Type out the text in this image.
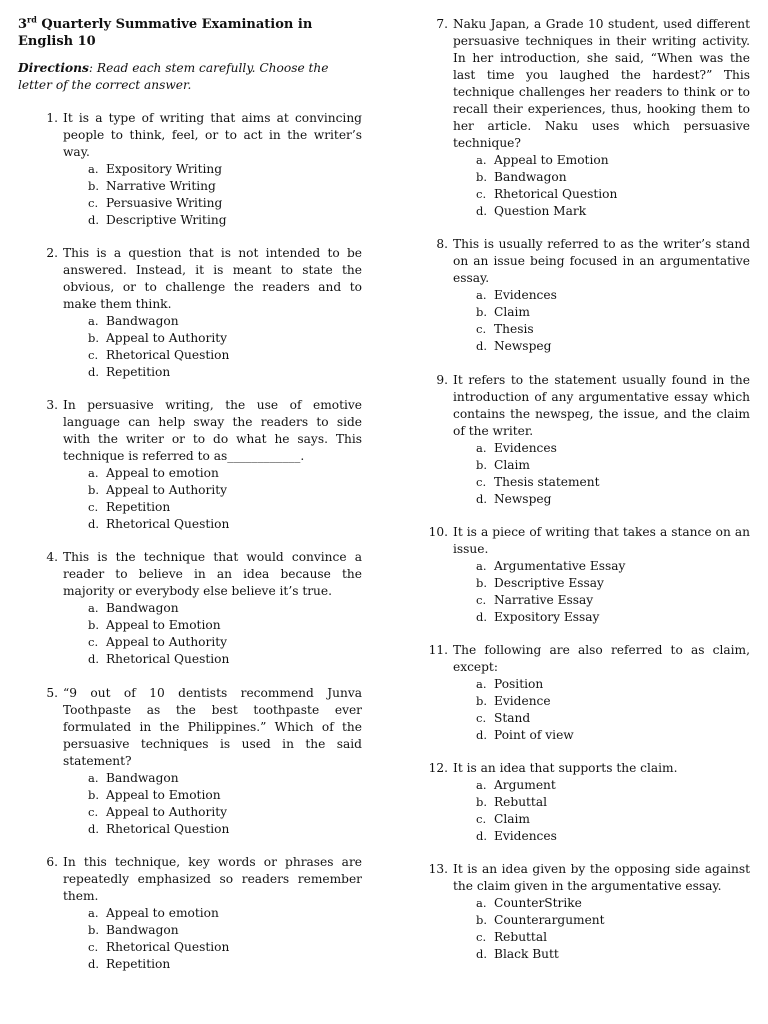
3rd Quarterly Summative Examination in English 10
Directions: Read each stem carefully. Choose the letter of the correct answer.
1. It is a type of writing that aims at convincing people to think, feel, or to act in the writer’s way.
a. Expository Writing
b. Narrative Writing
c. Persuasive Writing
d. Descriptive Writing
2. This is a question that is not intended to be answered. Instead, it is meant to state the obvious, or to challenge the readers and to make them think.
a. Bandwagon
b. Appeal to Authority
c. Rhetorical Question
d. Repetition
3. In persuasive writing, the use of emotive language can help sway the readers to side with the writer or to do what he says. This technique is referred to as____________.
a. Appeal to emotion
b. Appeal to Authority
c. Repetition
d. Rhetorical Question
4. This is the technique that would convince a reader to believe in an idea because the majority or everybody else believe it’s true.
a. Bandwagon
b. Appeal to Emotion
c. Appeal to Authority
d. Rhetorical Question
5. “9 out of 10 dentists recommend Junva Toothpaste as the best toothpaste ever formulated in the Philippines.” Which of the persuasive techniques is used in the said statement?
a. Bandwagon
b. Appeal to Emotion
c. Appeal to Authority
d. Rhetorical Question
6. In this technique, key words or phrases are repeatedly emphasized so readers remember them.
a. Appeal to emotion
b. Bandwagon
c. Rhetorical Question
d. Repetition
7. Naku Japan, a Grade 10 student, used different persuasive techniques in their writing activity. In her introduction, she said, “When was the last time you laughed the hardest?” This technique challenges her readers to think or to recall their experiences, thus, hooking them to her article. Naku uses which persuasive technique?
a. Appeal to Emotion
b. Bandwagon
c. Rhetorical Question
d. Question Mark
8. This is usually referred to as the writer’s stand on an issue being focused in an argumentative essay.
a. Evidences
b. Claim
c. Thesis
d. Newspeg
9. It refers to the statement usually found in the introduction of any argumentative essay which contains the newspeg, the issue, and the claim of the writer.
a. Evidences
b. Claim
c. Thesis statement
d. Newspeg
10. It is a piece of writing that takes a stance on an issue.
a. Argumentative Essay
b. Descriptive Essay
c. Narrative Essay
d. Expository Essay
11. The following are also referred to as claim, except:
a. Position
b. Evidence
c. Stand
d. Point of view
12. It is an idea that supports the claim.
a. Argument
b. Rebuttal
c. Claim
d. Evidences
13. It is an idea given by the opposing side against the claim given in the argumentative essay.
a. CounterStrike
b. Counterargument
c. Rebuttal
d. Black Butt
